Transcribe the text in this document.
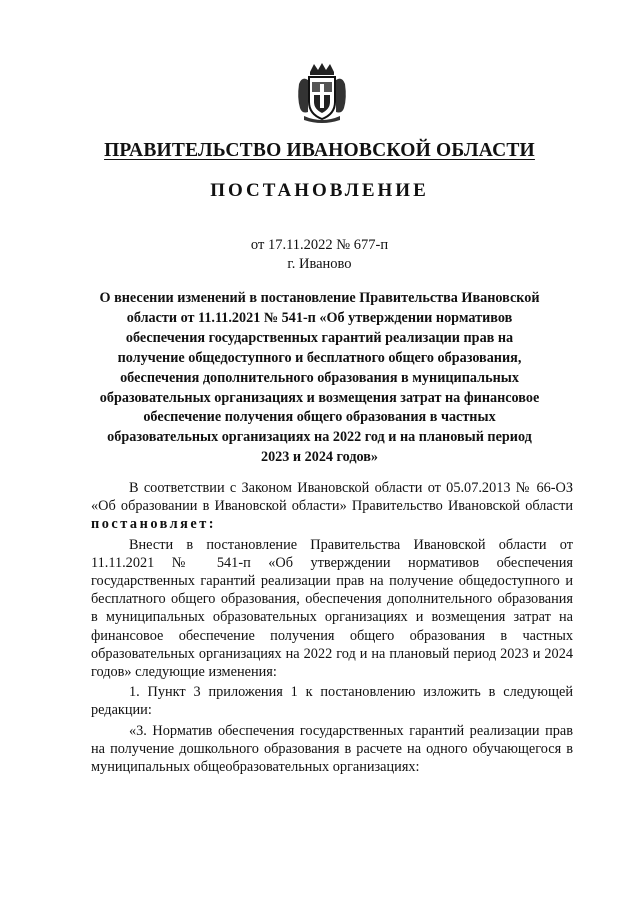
ПРАВИТЕЛЬСТВО ИВАНОВСКОЙ ОБЛАСТИ
ПОСТАНОВЛЕНИЕ
от 17.11.2022 № 677-п
г. Иваново
О внесении изменений в постановление Правительства Ивановской области от 11.11.2021 № 541-п «Об утверждении нормативов обеспечения государственных гарантий реализации прав на получение общедоступного и бесплатного общего образования, обеспечения дополнительного образования в муниципальных образовательных организациях и возмещения затрат на финансовое обеспечение получения общего образования в частных образовательных организациях на 2022 год и на плановый период 2023 и 2024 годов»

В соответствии с Законом Ивановской области от 05.07.2013 № 66-ОЗ «Об образовании в Ивановской области» Правительство Ивановской области постановляет:

Внести в постановление Правительства Ивановской области от 11.11.2021 № 541-п «Об утверждении нормативов обеспечения государственных гарантий реализации прав на получение общедоступного и бесплатного общего образования, обеспечения дополнительного образования в муниципальных образовательных организациях и возмещения затрат на финансовое обеспечение получения общего образования в частных образовательных организациях на 2022 год и на плановый период 2023 и 2024 годов» следующие изменения:

1. Пункт 3 приложения 1 к постановлению изложить в следующей редакции:

«3. Норматив обеспечения государственных гарантий реализации прав на получение дошкольного образования в расчете на одного обучающегося в муниципальных общеобразовательных организациях:
